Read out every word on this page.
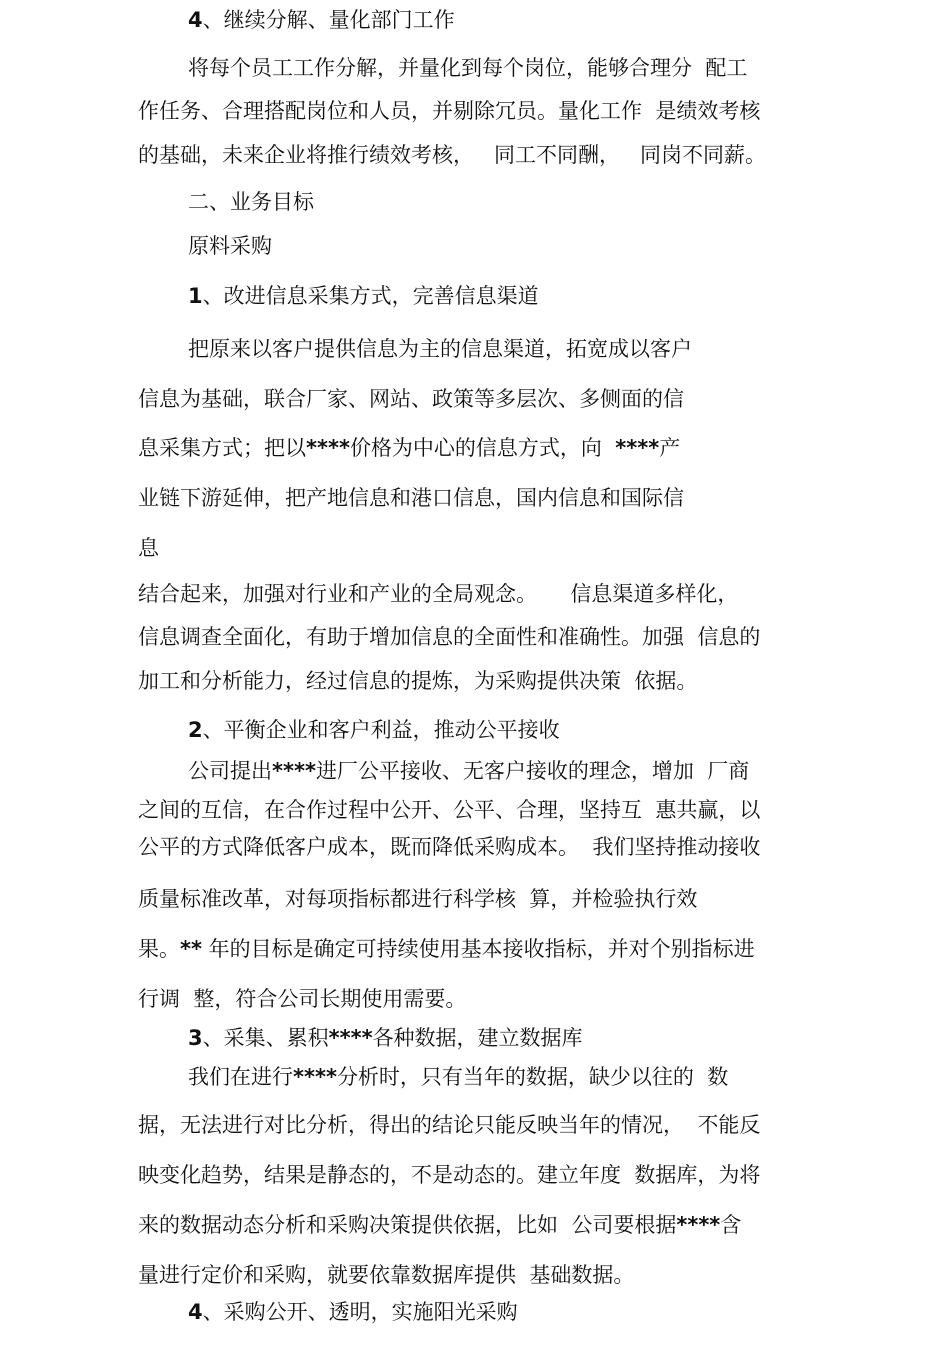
4、继续分解、量化部门工作
将每个员工工作分解，并量化到每个岗位，能够合理分  配工
作任务、合理搭配岗位和人员，并剔除冗员。量化工作  是绩效考核
的基础，未来企业将推行绩效考核，   同工不同酬，   同岗不同薪。
二、业务目标
原料采购
1、改进信息采集方式，完善信息渠道
把原来以客户提供信息为主的信息渠道，拓宽成以客户
信息为基础，联合厂家、网站、政策等多层次、多侧面的信
息采集方式；把以****价格为中心的信息方式，向  ****产
业链下游延伸，把产地信息和港口信息，国内信息和国际信
息
结合起来，加强对行业和产业的全局观念。     信息渠道多样化，
信息调查全面化，有助于增加信息的全面性和准确性。加强  信息的
加工和分析能力，经过信息的提炼，为采购提供决策  依据。
2、平衡企业和客户利益，推动公平接收
公司提出****进厂公平接收、无客户接收的理念，增加  厂商
之间的互信，在合作过程中公开、公平、合理，坚持互  惠共赢，以
公平的方式降低客户成本，既而降低采购成本。  我们坚持推动接收
质量标准改革，对每项指标都进行科学核  算，并检验执行效
果。** 年的目标是确定可持续使用基本接收指标，并对个别指标进
行调  整，符合公司长期使用需要。
3、采集、累积****各种数据，建立数据库
我们在进行****分析时，只有当年的数据，缺少以往的  数
据，无法进行对比分析，得出的结论只能反映当年的情况，  不能反
映变化趋势，结果是静态的，不是动态的。建立年度  数据库，为将
来的数据动态分析和采购决策提供依据，比如  公司要根据****含
量进行定价和采购，就要依靠数据库提供  基础数据。
4、采购公开、透明，实施阳光采购
